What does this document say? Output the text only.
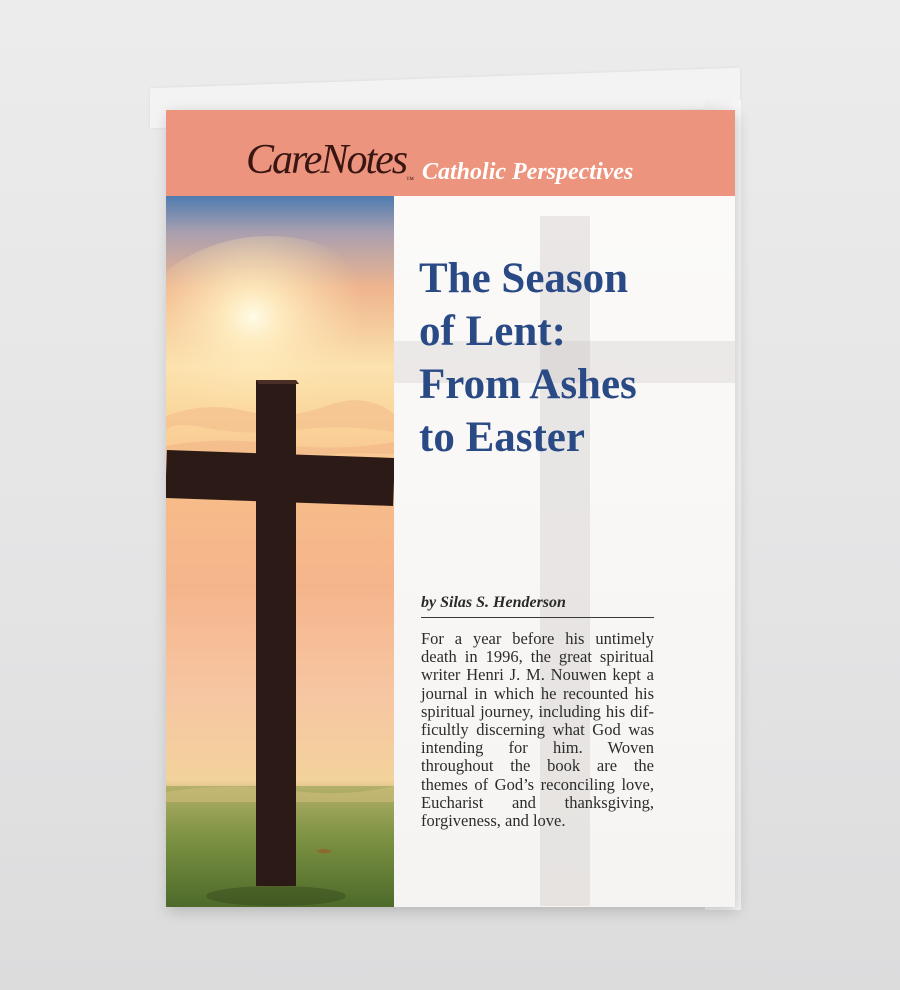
CareNotes™ Catholic Perspectives
The Season
of Lent:
From Ashes
to Easter
by Silas S. Henderson

For a year before his untimely death in 1996, the great spiritual writer Henri J. M. Nouwen kept a journal in which he recounted his spiritual journey, including his difficultly discerning what God was intending for him. Woven throughout the book are the themes of God’s reconciling love, Eucharist and thanksgiving, forgiveness, and love.
